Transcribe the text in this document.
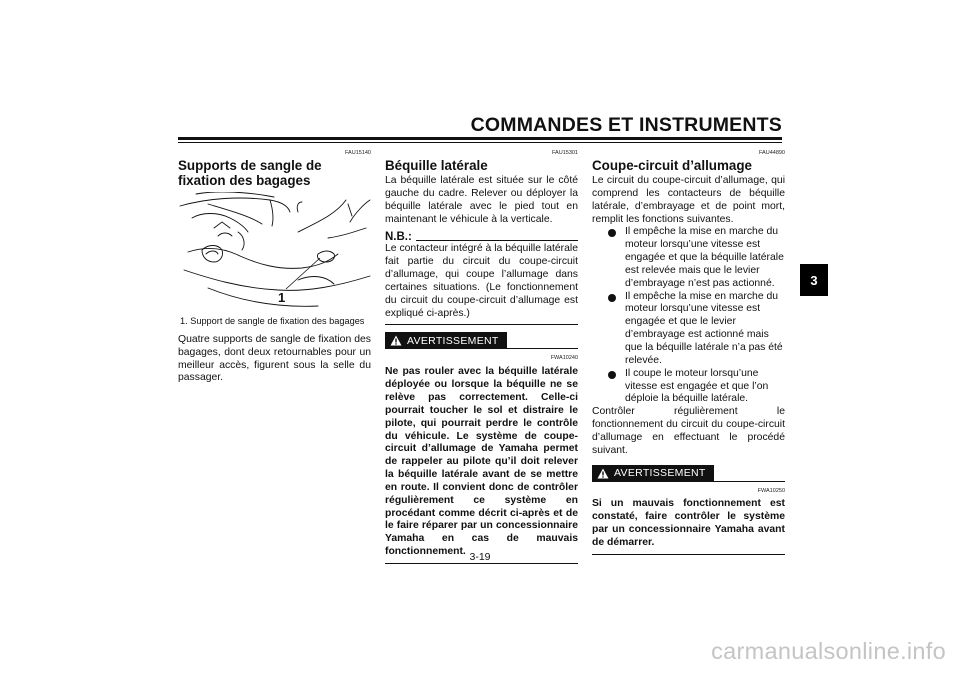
COMMANDES ET INSTRUMENTS
3
FAU15140
Supports de sangle de fixation des bagages
1

1. Support de sangle de fixation des bagages

Quatre supports de sangle de fixation des bagages, dont deux retournables pour un meilleur accès, figurent sous la selle du passager.

FAU15301
Béquille latérale

La béquille latérale est située sur le côté gauche du cadre. Relever ou déployer la béquille latérale avec le pied tout en maintenant le véhicule à la verticale.

N.B.:

Le contacteur intégré à la béquille latérale fait partie du circuit du coupe-circuit d’allumage, qui coupe l’allumage dans certaines situations. (Le fonctionnement du circuit du coupe-circuit d’allumage est expliqué ci-après.)

AVERTISSEMENT
FWA10240

Ne pas rouler avec la béquille latérale déployée ou lorsque la béquille ne se relève pas correctement. Celle-ci pourrait toucher le sol et distraire le pilote, qui pourrait perdre le contrôle du véhicule. Le système de coupe-circuit d’allumage de Yamaha permet de rappeler au pilote qu’il doit relever la béquille latérale avant de se mettre en route. Il convient donc de contrôler régulièrement ce système en procédant comme décrit ci-après et de le faire réparer par un concessionnaire Yamaha en cas de mauvais fonctionnement.

FAU44890
Coupe-circuit d’allumage

Le circuit du coupe-circuit d’allumage, qui comprend les contacteurs de béquille latérale, d’embrayage et de point mort, remplit les fonctions suivantes.

Il empêche la mise en marche du moteur lorsqu’une vitesse est engagée et que la béquille latérale est relevée mais que le levier d’embrayage n’est pas actionné.
Il empêche la mise en marche du moteur lorsqu’une vitesse est engagée et que le levier d’embrayage est actionné mais que la béquille latérale n’a pas été relevée.
Il coupe le moteur lorsqu’une vitesse est engagée et que l’on déploie la béquille latérale.

Contrôler régulièrement le fonctionnement du circuit du coupe-circuit d’allumage en effectuant le procédé suivant.

AVERTISSEMENT
FWA10250

Si un mauvais fonctionnement est constaté, faire contrôler le système par un concessionnaire Yamaha avant de démarrer.

3-19

carmanualsonline.info
